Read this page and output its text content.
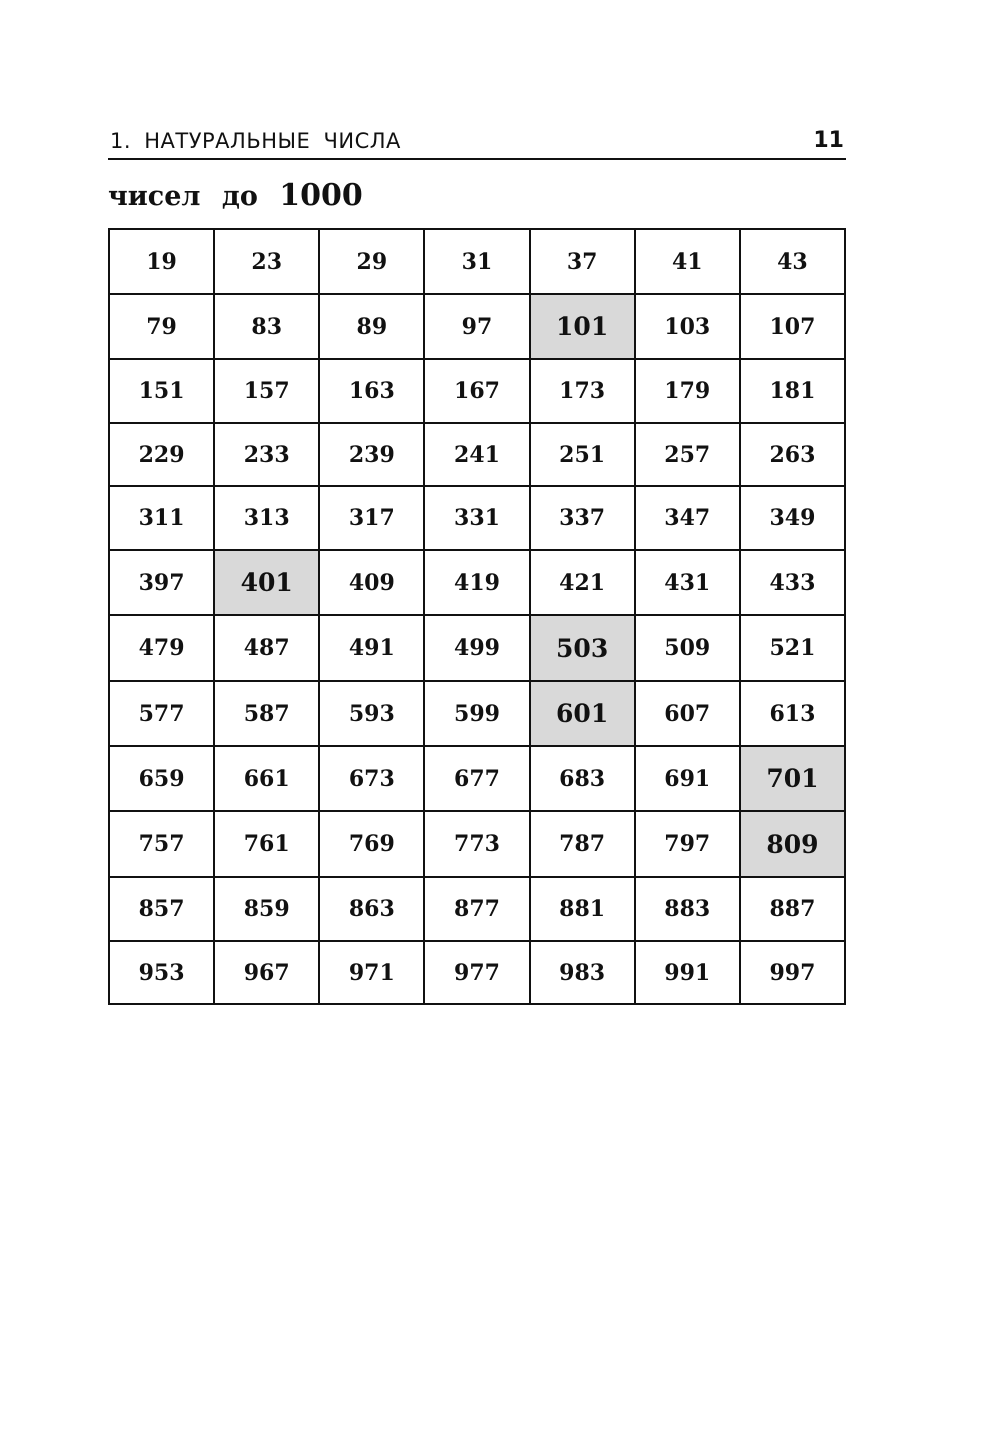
1. НАТУРАЛЬНЫЕ ЧИСЛА	11
чисел до 1000
19	23	29	31	37	41	43
79	83	89	97	101	103	107
151	157	163	167	173	179	181
229	233	239	241	251	257	263
311	313	317	331	337	347	349
397	401	409	419	421	431	433
479	487	491	499	503	509	521
577	587	593	599	601	607	613
659	661	673	677	683	691	701
757	761	769	773	787	797	809
857	859	863	877	881	883	887
953	967	971	977	983	991	997
